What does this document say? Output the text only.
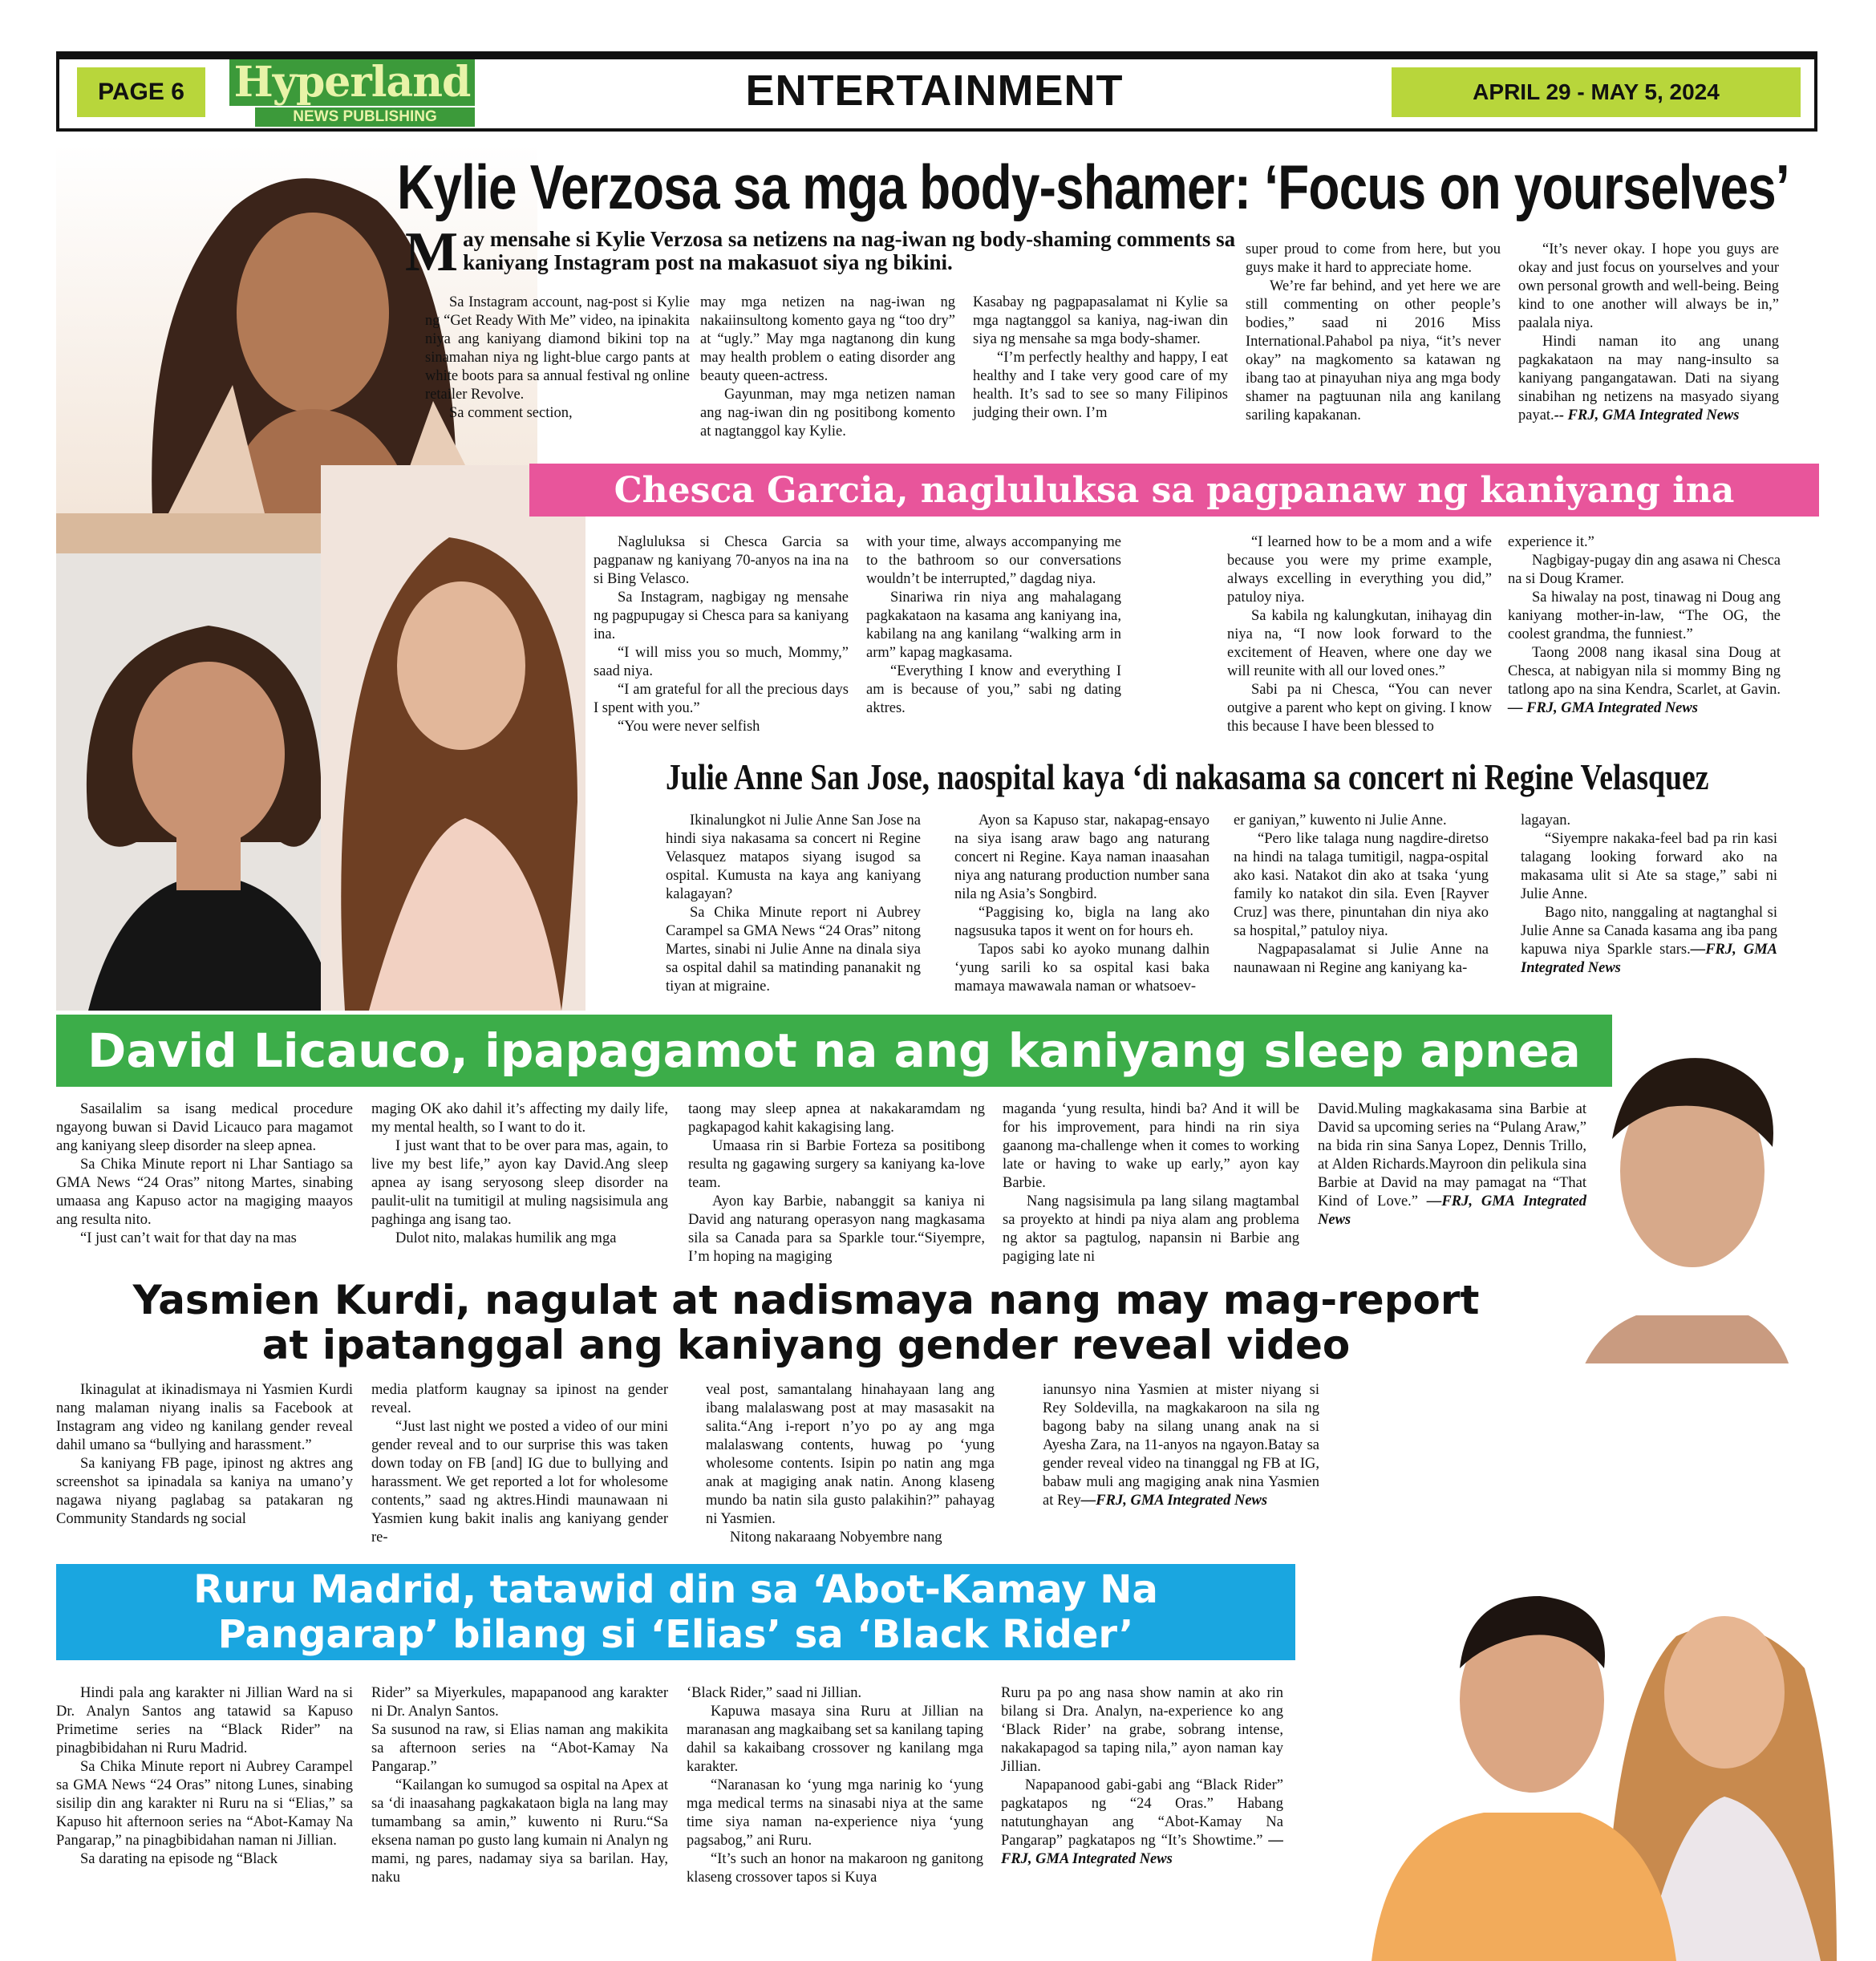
PAGE 6	Hyperland
NEWS PUBLISHING
ENTERTAINMENT	APRIL 29 - MAY 5, 2024
Kylie Verzosa sa mga body-shamer: ‘Focus on yourselves’
May mensahe si Kylie Verzosa sa netizens na nag-iwan ng body-shaming comments sa kaniyang Instagram post na makasuot siya ng bikini.

Sa Instagram account, nag-post si Kylie ng “Get Ready With Me” video, na ipinakita niya ang kaniyang diamond bikini top na sinamahan niya ng light-blue cargo pants at white boots para sa annual festival ng online retailer Revolve.

Sa comment section,

may mga netizen na nag-iwan ng nakaiinsultong komento gaya ng “too dry” at “ugly.” May mga nagtanong din kung may health problem o eating disorder ang beauty queen-actress.

Gayunman, may mga netizen naman ang nag-iwan din ng positibong komento at nagtanggol kay Kylie.

Kasabay ng pagpapasalamat ni Kylie sa mga nagtanggol sa kaniya, nag-iwan din siya ng mensahe sa mga body-shamer.

“I’m perfectly healthy and happy, I eat healthy and I take very good care of my health. It’s sad to see so many Filipinos judging their own. I’m

super proud to come from here, but you guys make it hard to appreciate home.

We’re far behind, and yet here we are still commenting on other people’s bodies,” saad ni 2016 Miss International.Pahabol pa niya, “it’s never okay” na magkomento sa katawan ng ibang tao at pinayuhan niya ang mga body shamer na pagtuunan nila ang kanilang sariling kapakanan.

“It’s never okay. I hope you guys are okay and just focus on yourselves and your own personal growth and well-being. Being kind to one another will always be in,” paalala niya.

Hindi naman ito ang unang pagkakataon na may nang-insulto sa kaniyang pangangatawan. Dati na siyang sinabihan ng netizens na masyado siyang payat.-- FRJ, GMA Integrated News

Chesca Garcia, nagluluksa sa pagpanaw ng kaniyang ina

Nagluluksa si Chesca Garcia sa pagpanaw ng kaniyang 70-anyos na ina na si Bing Velasco.

Sa Instagram, nagbigay ng mensahe ng pagpupugay si Chesca para sa kaniyang ina.

“I will miss you so much, Mommy,” saad niya.

“I am grateful for all the precious days I spent with you.”

“You were never selfish

with your time, always accompanying me to the bathroom so our conversations wouldn’t be interrupted,” dagdag niya.

Sinariwa rin niya ang mahalagang pagkakataon na kasama ang kaniyang ina, kabilang na ang kanilang “walking arm in arm” kapag magkasama.

“Everything I know and everything I am is because of you,” sabi ng dating aktres.

“I learned how to be a mom and a wife because you were my prime example, always excelling in everything you did,” patuloy niya.

Sa kabila ng kalungkutan, inihayag din niya na, “I now look forward to the excitement of Heaven, where one day we will reunite with all our loved ones.”

Sabi pa ni Chesca, “You can never outgive a parent who kept on giving. I know this because I have been blessed to

experience it.”

Nagbigay-pugay din ang asawa ni Chesca na si Doug Kramer.

Sa hiwalay na post, tinawag ni Doug ang kaniyang mother-in-law, “The OG, the coolest grandma, the funniest.”

Taong 2008 nang ikasal sina Doug at Chesca, at nabigyan nila si mommy Bing ng tatlong apo na sina Kendra, Scarlet, at Gavin. — FRJ, GMA Integrated News

Julie Anne San Jose, naospital kaya ‘di nakasama sa concert ni Regine Velasquez

Ikinalungkot ni Julie Anne San Jose na hindi siya nakasama sa concert ni Regine Velasquez matapos siyang isugod sa ospital. Kumusta na kaya ang kaniyang kalagayan?

Sa Chika Minute report ni Aubrey Carampel sa GMA News “24 Oras” nitong Martes, sinabi ni Julie Anne na dinala siya sa ospital dahil sa matinding pananakit ng tiyan at migraine.

Ayon sa Kapuso star, nakapag-ensayo na siya isang araw bago ang naturang concert ni Regine. Kaya naman inaasahan niya ang naturang production number sana nila ng Asia’s Songbird.

“Paggising ko, bigla na lang ako nagsusuka tapos it went on for hours eh.

Tapos sabi ko ayoko munang dalhin ‘yung sarili ko sa ospital kasi baka mamaya mawawala naman or whatsoev-

er ganiyan,” kuwento ni Julie Anne.

“Pero like talaga nung nagdire-diretso na hindi na talaga tumitigil, nagpa-ospital ako kasi. Natakot din ako at tsaka ‘yung family ko natakot din sila. Even [Rayver Cruz] was there, pinuntahan din niya ako sa hospital,” patuloy niya.

Nagpapasalamat si Julie Anne na naunawaan ni Regine ang kaniyang ka-

lagayan.

“Siyempre nakaka-feel bad pa rin kasi talagang looking forward ako na makasama ulit si Ate sa stage,” sabi ni Julie Anne.

Bago nito, nanggaling at nagtanghal si Julie Anne sa Canada kasama ang iba pang kapuwa niya Sparkle stars.—FRJ, GMA Integrated News

David Licauco, ipapagamot na ang kaniyang sleep apnea

Sasailalim sa isang medical procedure ngayong buwan si David Licauco para magamot ang kaniyang sleep disorder na sleep apnea.

Sa Chika Minute report ni Lhar Santiago sa GMA News “24 Oras” nitong Martes, sinabing umaasa ang Kapuso actor na magiging maayos ang resulta nito.

“I just can’t wait for that day na mas

maging OK ako dahil it’s affecting my daily life, my mental health, so I want to do it.

I just want that to be over para mas, again, to live my best life,” ayon kay David.Ang sleep apnea ay isang seryosong sleep disorder na paulit-ulit na tumitigil at muling nagsisimula ang paghinga ang isang tao.

Dulot nito, malakas humilik ang mga

taong may sleep apnea at nakakaramdam ng pagkapagod kahit kakagising lang.

Umaasa rin si Barbie Forteza sa positibong resulta ng gagawing surgery sa kaniyang ka-love team.

Ayon kay Barbie, nabanggit sa kaniya ni David ang naturang operasyon nang magkasama sila sa Canada para sa Sparkle tour.“Siyempre, I’m hoping na magiging

maganda ‘yung resulta, hindi ba? And it will be for his improvement, para hindi na rin siya gaanong ma-challenge when it comes to working late or having to wake up early,” ayon kay Barbie.

Nang nagsisimula pa lang silang magtambal sa proyekto at hindi pa niya alam ang problema ng aktor sa pagtulog, napansin ni Barbie ang pagiging late ni

David.Muling magkakasama sina Barbie at David sa upcoming series na “Pulang Araw,” na bida rin sina Sanya Lopez, Dennis Trillo, at Alden Richards.Mayroon din pelikula sina Barbie at David na may pamagat na “That Kind of Love.” —FRJ, GMA Integrated News

Yasmien Kurdi, nagulat at nadismaya nang may mag-report
at ipatanggal ang kaniyang gender reveal video

Ikinagulat at ikinadismaya ni Yasmien Kurdi nang malaman niyang inalis sa Facebook at Instagram ang video ng kanilang gender reveal dahil umano sa “bullying and harassment.”

Sa kaniyang FB page, ipinost ng aktres ang screenshot sa ipinadala sa kaniya na umano’y nagawa niyang paglabag sa patakaran ng Community Standards ng social

media platform kaugnay sa ipinost na gender reveal.

“Just last night we posted a video of our mini gender reveal and to our surprise this was taken down today on FB [and] IG due to bullying and harassment. We get reported a lot for wholesome contents,” saad ng aktres.Hindi maunawaan ni Yasmien kung bakit inalis ang kaniyang gender re-

veal post, samantalang hinahayaan lang ang ibang malalaswang post at may masasakit na salita.“Ang i-report n’yo po ay ang mga malalaswang contents, huwag po ‘yung wholesome contents. Isipin po natin ang mga anak at magiging anak natin. Anong klaseng mundo ba natin sila gusto palakihin?” pahayag ni Yasmien.

Nitong nakaraang Nobyembre nang

ianunsyo nina Yasmien at mister niyang si Rey Soldevilla, na magkakaroon na sila ng bagong baby na silang unang anak na si Ayesha Zara, na 11-anyos na ngayon.Batay sa gender reveal video na tinanggal ng FB at IG, babaw muli ang magiging anak nina Yasmien at Rey—FRJ, GMA Integrated News

Ruru Madrid, tatawid din sa ‘Abot-Kamay Na
Pangarap’ bilang si ‘Elias’ sa ‘Black Rider’

Hindi pala ang karakter ni Jillian Ward na si Dr. Analyn Santos ang tatawid sa Kapuso Primetime series na “Black Rider” na pinagbibidahan ni Ruru Madrid.

Sa Chika Minute report ni Aubrey Carampel sa GMA News “24 Oras” nitong Lunes, sinabing sisilip din ang karakter ni Ruru na si “Elias,” sa Kapuso hit afternoon series na “Abot-Kamay Na Pangarap,” na pinagbibidahan naman ni Jillian.

Sa darating na episode ng “Black

Rider” sa Miyerkules, mapapanood ang karakter ni Dr. Analyn Santos.

Sa susunod na raw, si Elias naman ang makikita sa afternoon series na “Abot-Kamay Na Pangarap.”

“Kailangan ko sumugod sa ospital na Apex at sa ‘di inaasahang pagkakataon bigla na lang may tumambang sa amin,” kuwento ni Ruru.“Sa eksena naman po gusto lang kumain ni Analyn ng mami, ng pares, nadamay siya sa barilan. Hay, naku

‘Black Rider,” saad ni Jillian.

Kapuwa masaya sina Ruru at Jillian na maranasan ang magkaibang set sa kanilang taping dahil sa kakaibang crossover ng kanilang mga karakter.

“Naranasan ko ‘yung mga narinig ko ‘yung mga medical terms na sinasabi niya at the same time siya naman na-experience niya ‘yung pagsabog,” ani Ruru.

“It’s such an honor na makaroon ng ganitong klaseng crossover tapos si Kuya

Ruru pa po ang nasa show namin at ako rin bilang si Dra. Analyn, na-experience ko ang ‘Black Rider’ na grabe, sobrang intense, nakakapagod sa taping nila,” ayon naman kay Jillian.

Napapanood gabi-gabi ang “Black Rider” pagkatapos ng “24 Oras.” Habang natutunghayan ang “Abot-Kamay Na Pangarap” pagkatapos ng “It’s Showtime.” —FRJ, GMA Integrated News
